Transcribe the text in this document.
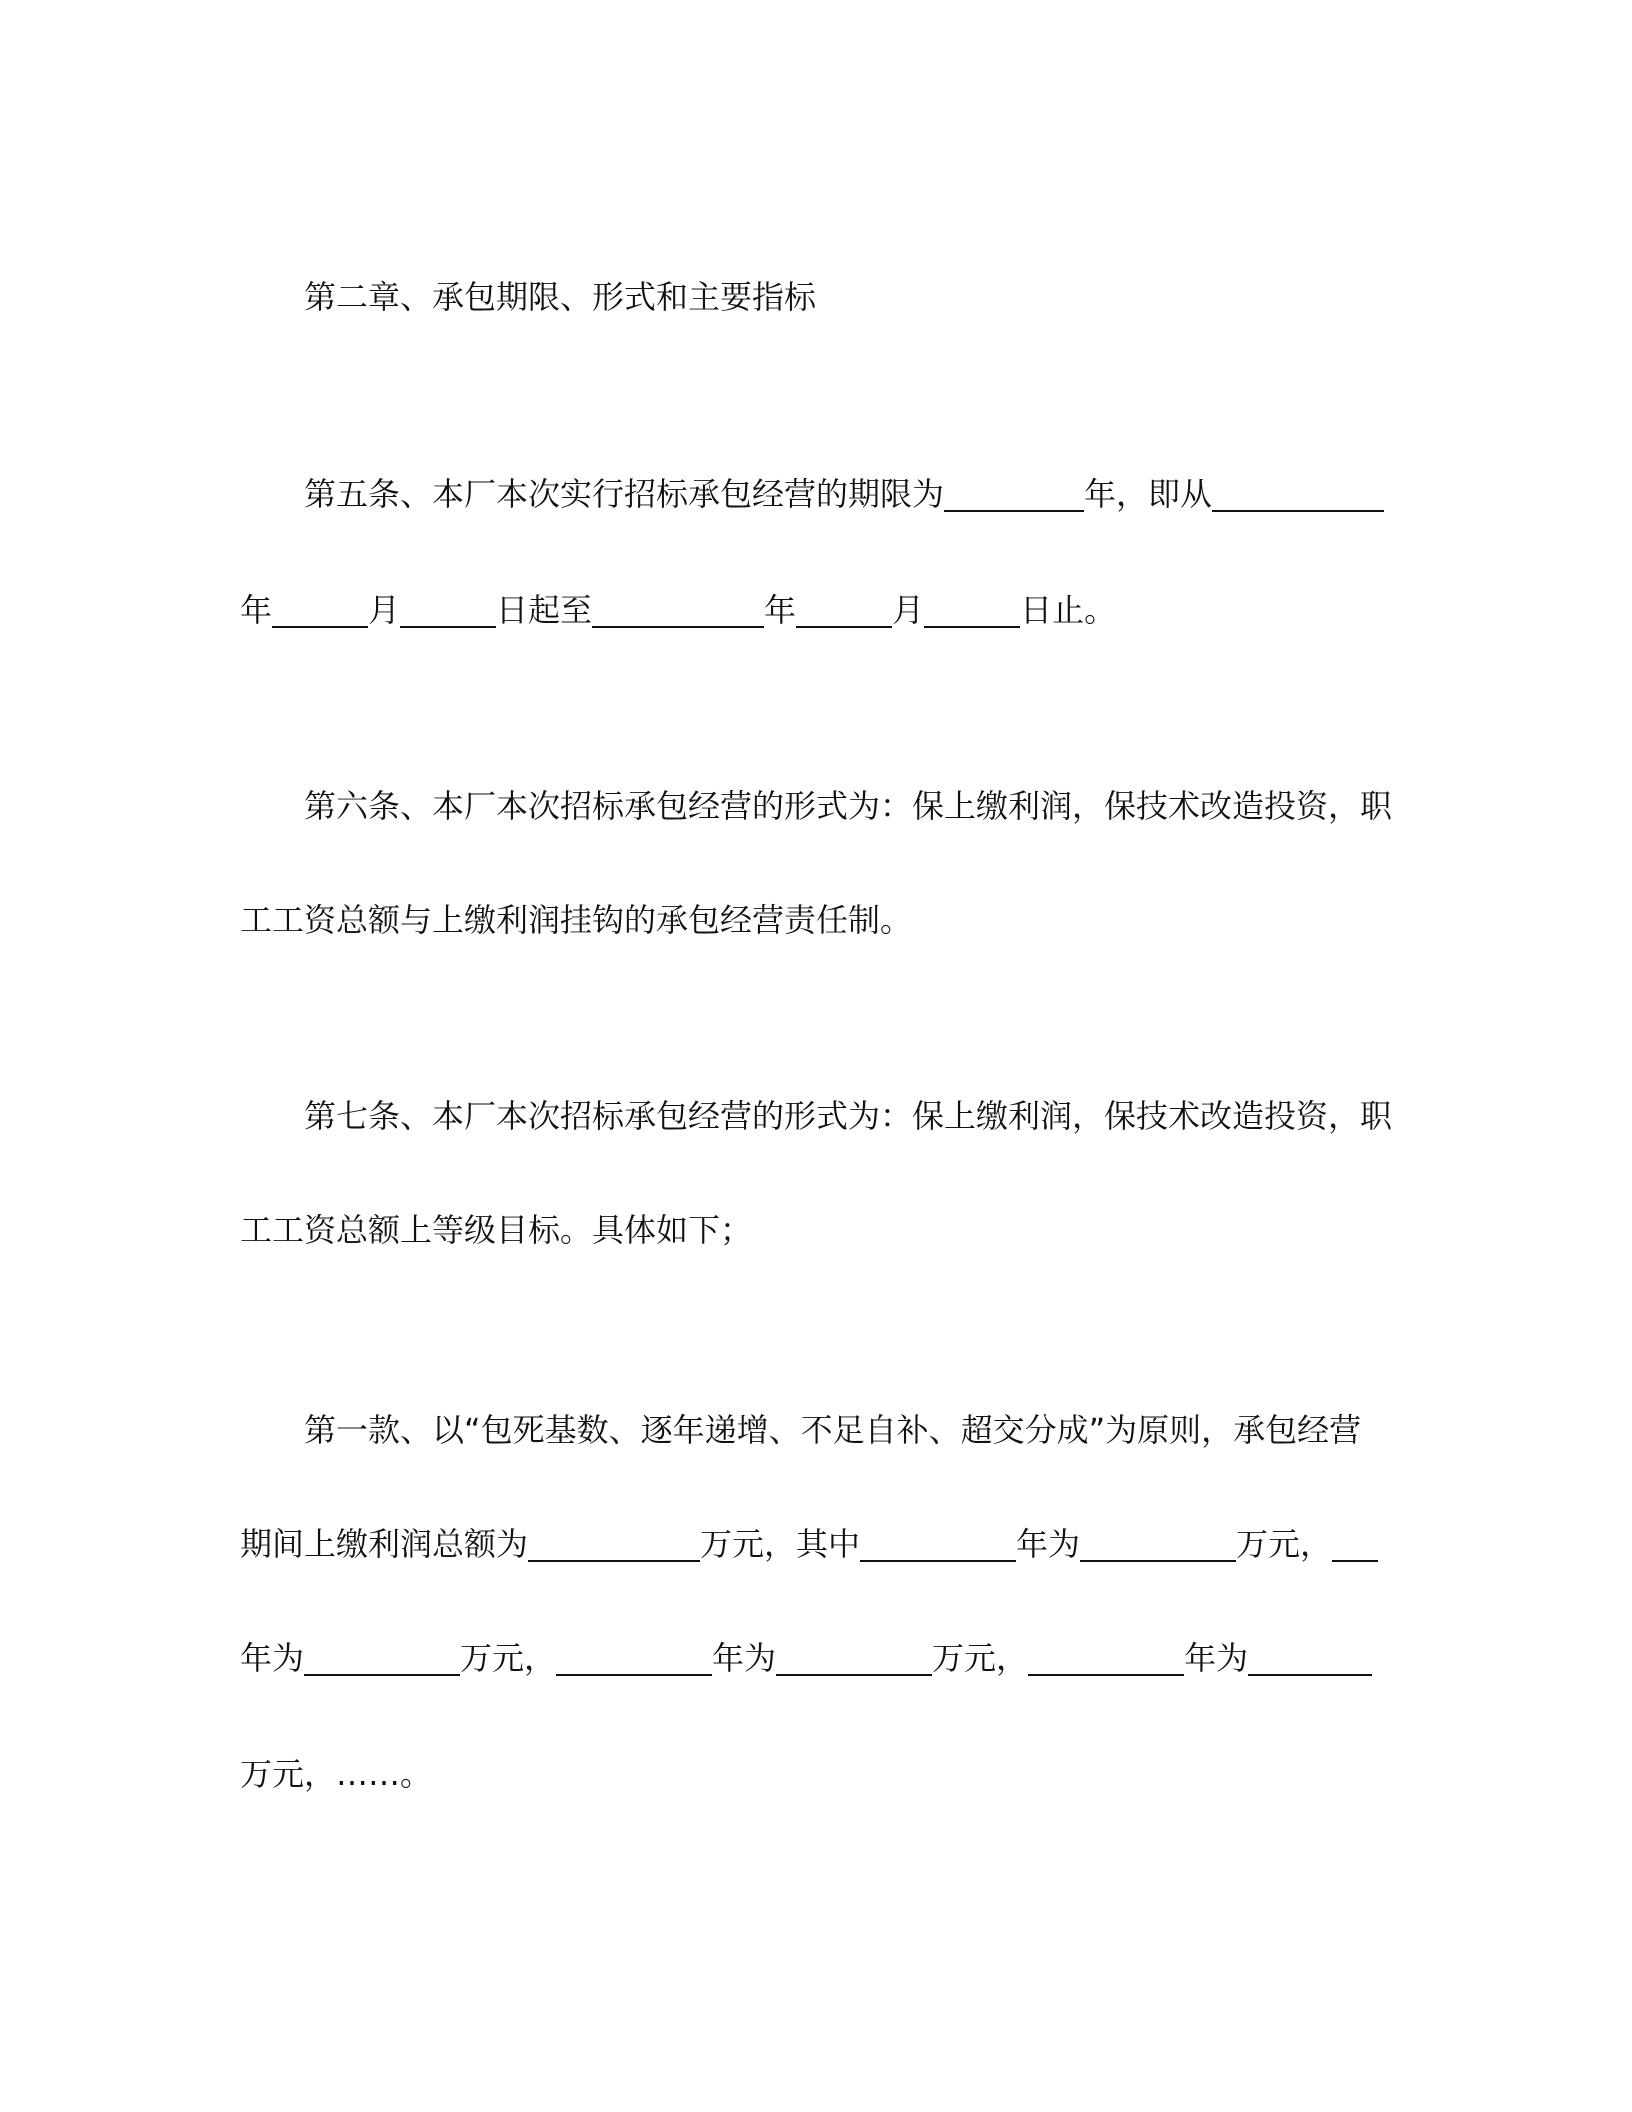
第二章、承包期限、形式和主要指标
第五条、本厂本次实行招标承包经营的期限为	年，即从
年	月	日起至	年	月	日止。
第六条、本厂本次招标承包经营的形式为：保上缴利润，保技术改造投资，职
工工资总额与上缴利润挂钩的承包经营责任制。
第七条、本厂本次招标承包经营的形式为：保上缴利润，保技术改造投资，职
工工资总额上等级目标。具体如下；
第一款、以“包死基数、逐年递增、不足自补、超交分成”为原则，承包经营
期间上缴利润总额为	万元，其中	年为	万元，
年为	万元，	年为	万元，	年为
万元，……。
